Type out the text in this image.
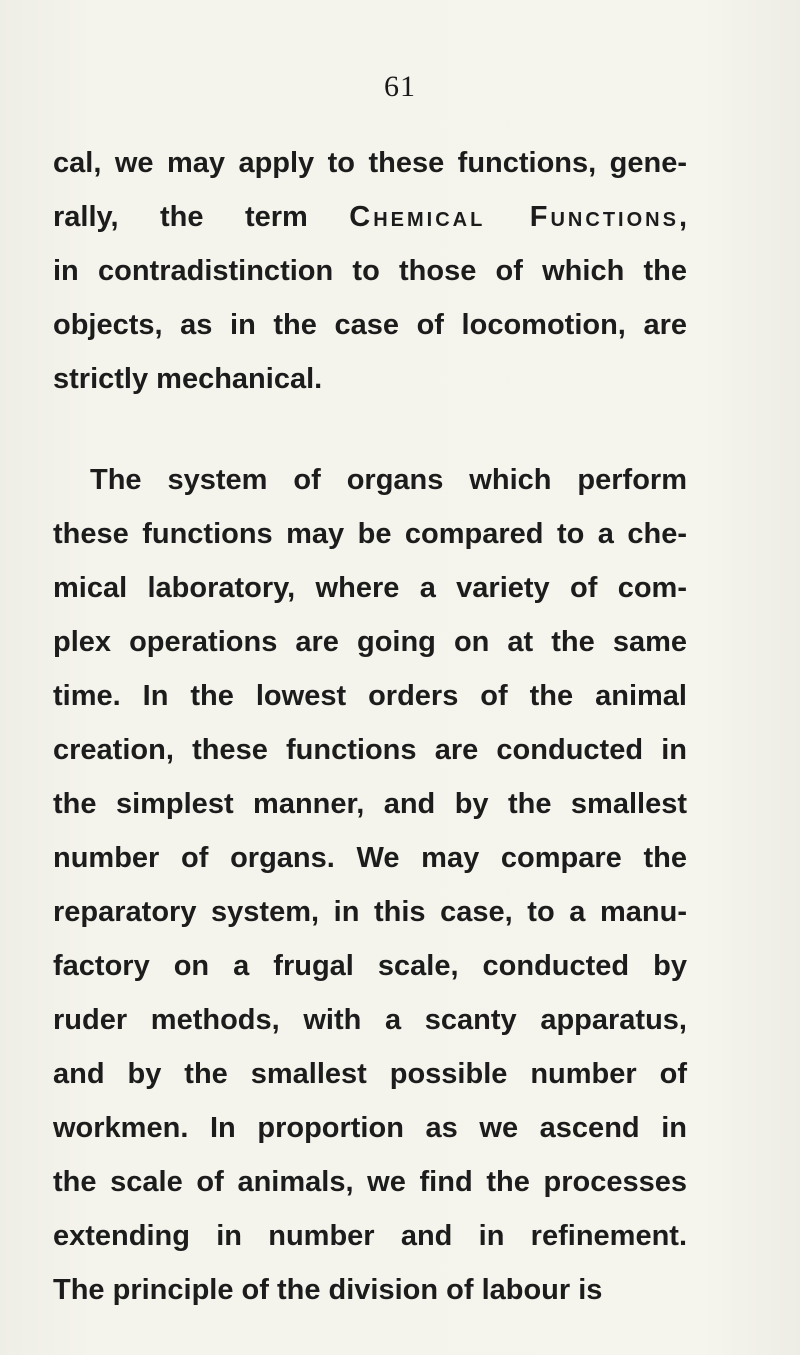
61
cal, we may apply to these functions, gene-
rally, the term Chemical Functions,
in contradistinction to those of which the
objects, as in the case of locomotion, are
strictly mechanical.
The system of organs which perform
these functions may be compared to a che-
mical laboratory, where a variety of com-
plex operations are going on at the same
time. In the lowest orders of the animal
creation, these functions are conducted in
the simplest manner, and by the smallest
number of organs. We may compare the
reparatory system, in this case, to a manu-
factory on a frugal scale, conducted by
ruder methods, with a scanty apparatus,
and by the smallest possible number of
workmen. In proportion as we ascend in
the scale of animals, we find the processes
extending in number and in refinement.
The principle of the division of labour is
